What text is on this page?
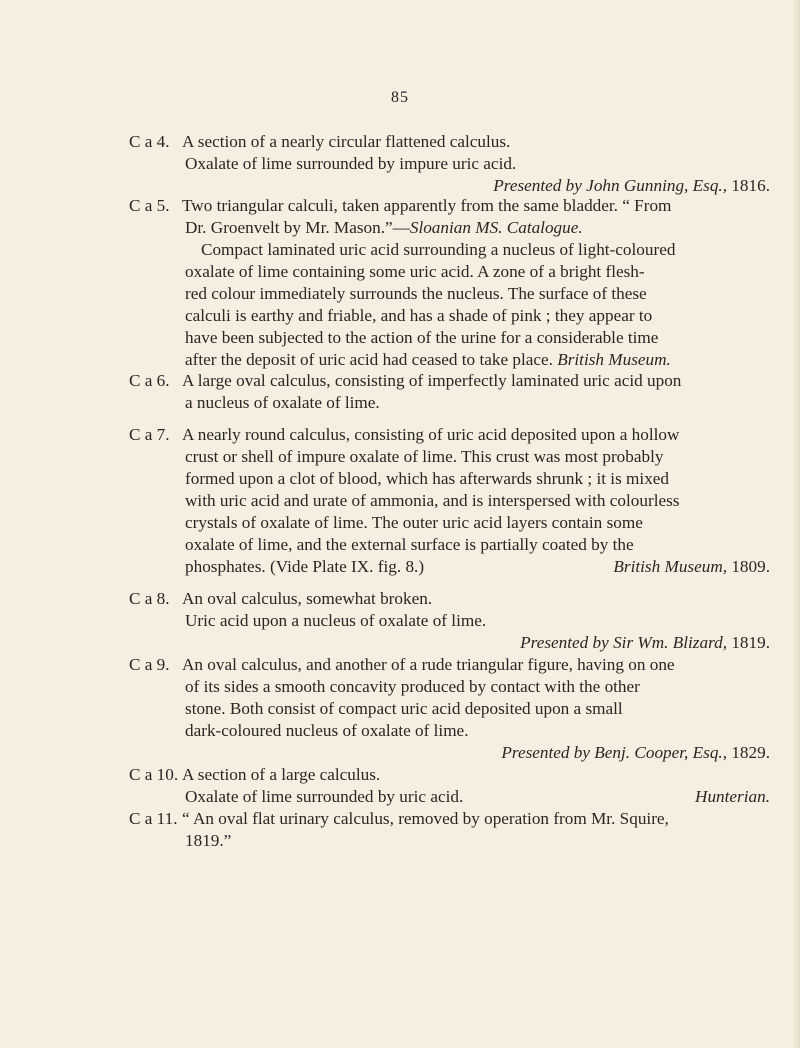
85
C a 4. A section of a nearly circular flattened calculus.
Oxalate of lime surrounded by impure uric acid.
Presented by John Gunning, Esq., 1816.
C a 5. Two triangular calculi, taken apparently from the same bladder. “ From
Dr. Groenvelt by Mr. Mason.”—Sloanian MS. Catalogue.
Compact laminated uric acid surrounding a nucleus of light-coloured
oxalate of lime containing some uric acid. A zone of a bright flesh-
red colour immediately surrounds the nucleus. The surface of these
calculi is earthy and friable, and has a shade of pink ; they appear to
have been subjected to the action of the urine for a considerable time
after the deposit of uric acid had ceased to take place. British Museum.
C a 6. A large oval calculus, consisting of imperfectly laminated uric acid upon
a nucleus of oxalate of lime.
C a 7. A nearly round calculus, consisting of uric acid deposited upon a hollow
crust or shell of impure oxalate of lime. This crust was most probably
formed upon a clot of blood, which has afterwards shrunk ; it is mixed
with uric acid and urate of ammonia, and is interspersed with colourless
crystals of oxalate of lime. The outer uric acid layers contain some
oxalate of lime, and the external surface is partially coated by the
phosphates. (Vide Plate IX. fig. 8.)	British Museum, 1809.
C a 8. An oval calculus, somewhat broken.
Uric acid upon a nucleus of oxalate of lime.
Presented by Sir Wm. Blizard, 1819.
C a 9. An oval calculus, and another of a rude triangular figure, having on one
of its sides a smooth concavity produced by contact with the other
stone. Both consist of compact uric acid deposited upon a small
dark-coloured nucleus of oxalate of lime.
Presented by Benj. Cooper, Esq., 1829.
C a 10. A section of a large calculus.
Oxalate of lime surrounded by uric acid.	Hunterian.
C a 11. “ An oval flat urinary calculus, removed by operation from Mr. Squire,
1819.”
